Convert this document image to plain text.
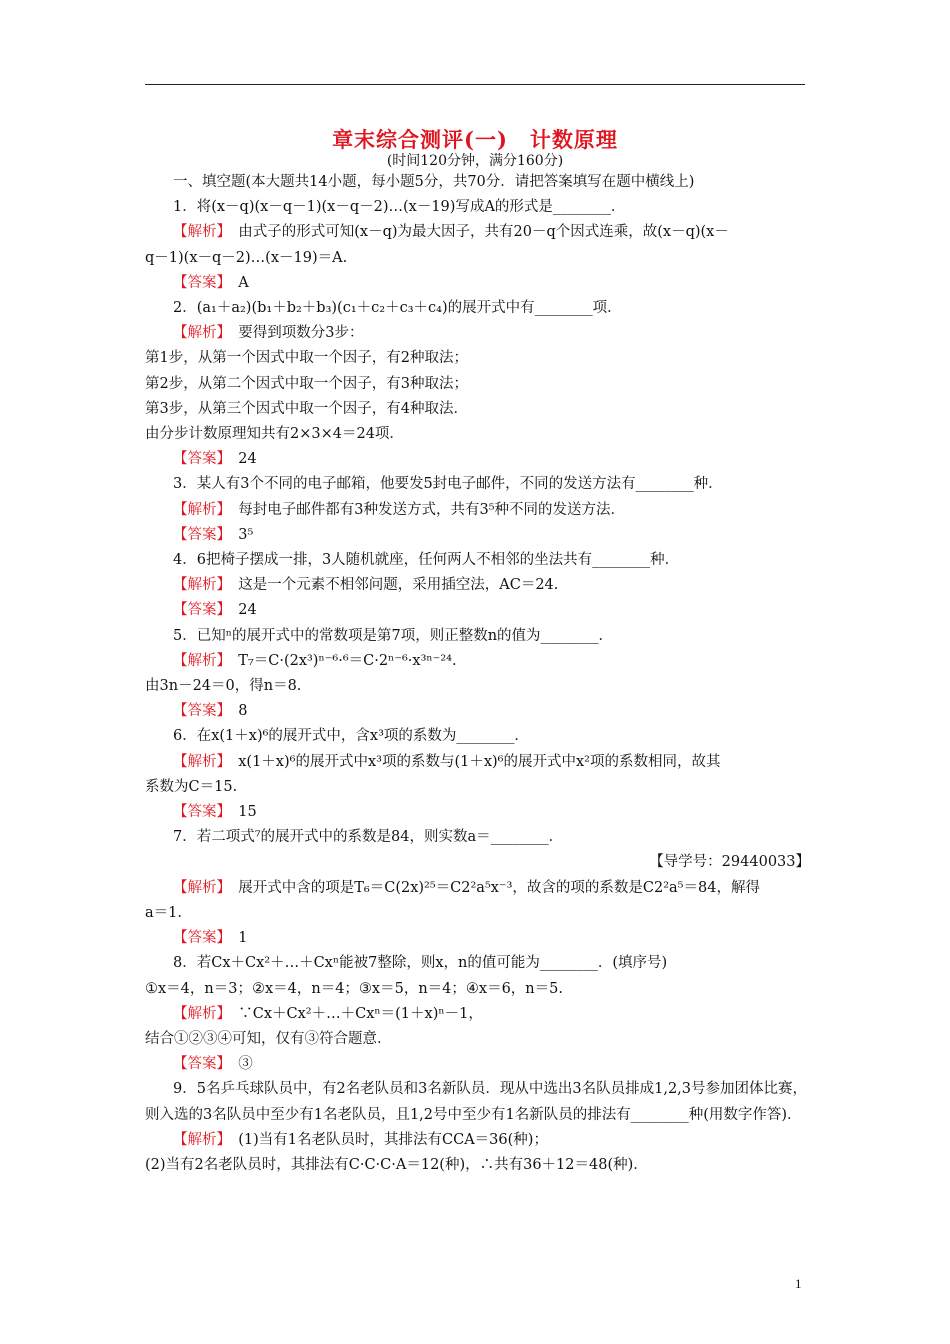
章末综合测评(一)　计数原理
(时间120分钟，满分160分)

一、填空题(本大题共14小题，每小题5分，共70分．请把答案填写在题中横线上)

1．将(x－q)(x－q－1)(x－q－2)…(x－19)写成A的形式是________．

【解析】　由式子的形式可知(x－q)为最大因子，共有20－q个因式连乘，故(x－q)(x－

q－1)(x－q－2)…(x－19)＝A.

【答案】　A

2．(a₁＋a₂)(b₁＋b₂＋b₃)(c₁＋c₂＋c₃＋c₄)的展开式中有________项．

【解析】　要得到项数分3步：

第1步，从第一个因式中取一个因子，有2种取法；

第2步，从第二个因式中取一个因子，有3种取法；

第3步，从第三个因式中取一个因子，有4种取法．

由分步计数原理知共有2×3×4＝24项．

【答案】　24

3．某人有3个不同的电子邮箱，他要发5封电子邮件，不同的发送方法有________种．

【解析】　每封电子邮件都有3种发送方式，共有3⁵种不同的发送方法．

【答案】　3⁵

4．6把椅子摆成一排，3人随机就座，任何两人不相邻的坐法共有________种．

【解析】　这是一个元素不相邻问题，采用插空法，AC＝24.

【答案】　24

5．已知ⁿ的展开式中的常数项是第7项，则正整数n的值为________．

【解析】　T₇＝C·(2x³)ⁿ⁻⁶·⁶＝C·2ⁿ⁻⁶·x³ⁿ⁻²⁴.

由3n－24＝0，得n＝8.

【答案】　8

6．在x(1＋x)⁶的展开式中，含x³项的系数为________．

【解析】　x(1＋x)⁶的展开式中x³项的系数与(1＋x)⁶的展开式中x²项的系数相同，故其

系数为C＝15.

【答案】　15

7．若二项式⁷的展开式中的系数是84，则实数a＝________．

【导学号：29440033】

【解析】　展开式中含的项是T₆＝C(2x)²⁵＝C2²a⁵x⁻³，故含的项的系数是C2²a⁵＝84，解得

a＝1.

【答案】　1

8．若Cx＋Cx²＋…＋Cxⁿ能被7整除，则x，n的值可能为________．(填序号)

①x＝4，n＝3；②x＝4，n＝4；③x＝5，n＝4；④x＝6，n＝5.

【解析】　∵Cx＋Cx²＋…＋Cxⁿ＝(1＋x)ⁿ－1，

结合①②③④可知，仅有③符合题意．

【答案】　③

9．5名乒乓球队员中，有2名老队员和3名新队员．现从中选出3名队员排成1,2,3号参加团体比赛，则入选的3名队员中至少有1名老队员，且1,2号中至少有1名新队员的排法有________种(用数字作答)．

【解析】　(1)当有1名老队员时，其排法有CCA＝36(种)；

(2)当有2名老队员时，其排法有C·C·C·A＝12(种)，∴共有36＋12＝48(种)．

1
